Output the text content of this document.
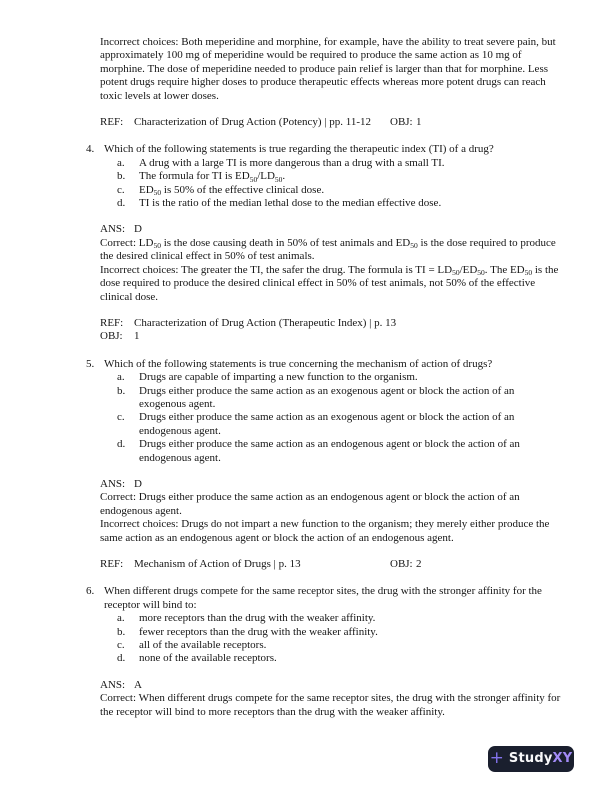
Incorrect choices: Both meperidine and morphine, for example, have the ability to treat severe pain, but approximately 100 mg of meperidine would be required to produce the same action as 10 mg of morphine. The dose of meperidine needed to produce pain relief is larger than that for morphine. Less potent drugs require higher doses to produce therapeutic effects whereas more potent drugs can reach toxic levels at lower doses.
REF: Characterization of Drug Action (Potency) | pp. 11-12 OBJ: 1
4. Which of the following statements is true regarding the therapeutic index (TI) of a drug?
a.	A drug with a large TI is more dangerous than a drug with a small TI.
b.	The formula for TI is $ED_{50}/LD_{50}$.
c.	$ED_{50}$ is 50% of the effective clinical dose.
d.	TI is the ratio of the median lethal dose to the median effective dose.
ANS: D
Correct: $LD_{50}$ is the dose causing death in 50% of test animals and $ED_{50}$ is the dose required to produce the desired clinical effect in 50% of test animals.
Incorrect choices: The greater the TI, the safer the drug. The formula is TI = $LD_{50}/ED_{50}$. The $ED_{50}$ is the dose required to produce the desired clinical effect in 50% of test animals, not 50% of the effective clinical dose.
REF: Characterization of Drug Action (Therapeutic Index) | p. 13
OBJ: 1
5. Which of the following statements is true concerning the mechanism of action of drugs?
a.	Drugs are capable of imparting a new function to the organism.
b.	Drugs either produce the same action as an exogenous agent or block the action of an exogenous agent.
c.	Drugs either produce the same action as an exogenous agent or block the action of an endogenous agent.
d.	Drugs either produce the same action as an endogenous agent or block the action of an endogenous agent.
ANS: D
Correct: Drugs either produce the same action as an endogenous agent or block the action of an endogenous agent.
Incorrect choices: Drugs do not impart a new function to the organism; they merely either produce the same action as an endogenous agent or block the action of an endogenous agent.
REF: Mechanism of Action of Drugs | p. 13	OBJ: 2
6. When different drugs compete for the same receptor sites, the drug with the stronger affinity for the receptor will bind to:
a.	more receptors than the drug with the weaker affinity.
b.	fewer receptors than the drug with the weaker affinity.
c.	all of the available receptors.
d.	none of the available receptors.
ANS: A
Correct: When different drugs compete for the same receptor sites, the drug with the stronger affinity for the receptor will bind to more receptors than the drug with the weaker affinity.
+ StudyXY
